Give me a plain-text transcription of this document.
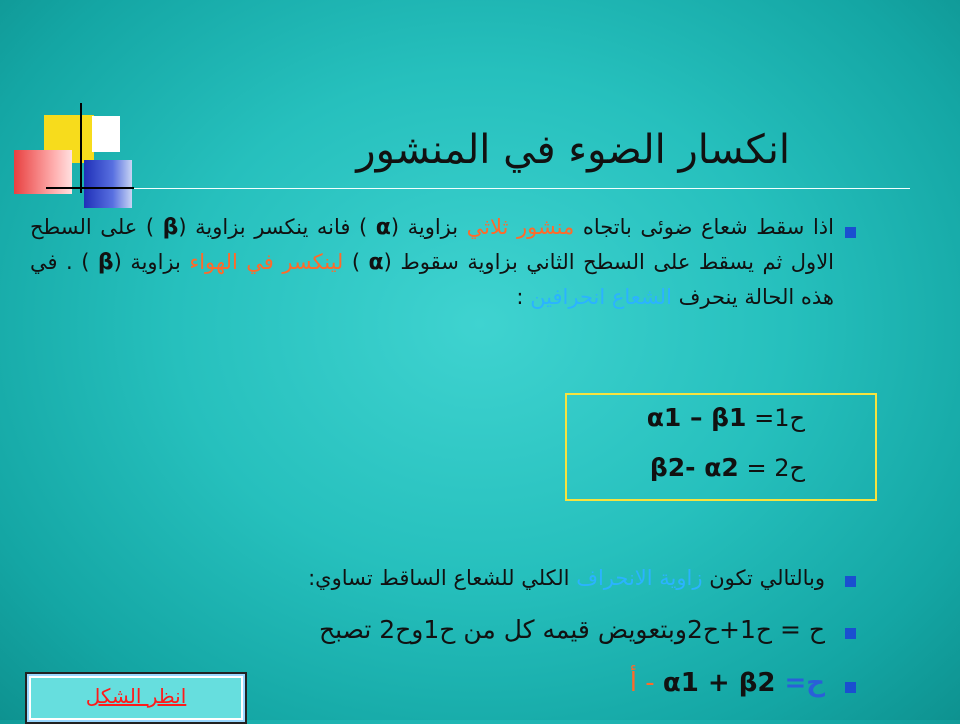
انكسار الضوء في المنشور
اذا سقط شعاع ضوئى باتجاه منشور ثلاثي بزاوية (α ) فانه ينكسر بزاوية (β ) على السطح الاول ثم يسقط على السطح الثاني بزاوية سقوط (α ) لينكسر في الهواء بزاوية (β ) . في هذه الحالة ينحرف الشعاع انحرافين :
ح1= α1 – β1
ح2 = β2- α2
وبالتالي تكون زاوية الانحراف الكلي للشعاع الساقط تساوي:
ح = ح1+ح2وبتعويض قيمه كل من ح1وح2 تصبح
ح= α1 + β2 - أ
انظر الشكل
